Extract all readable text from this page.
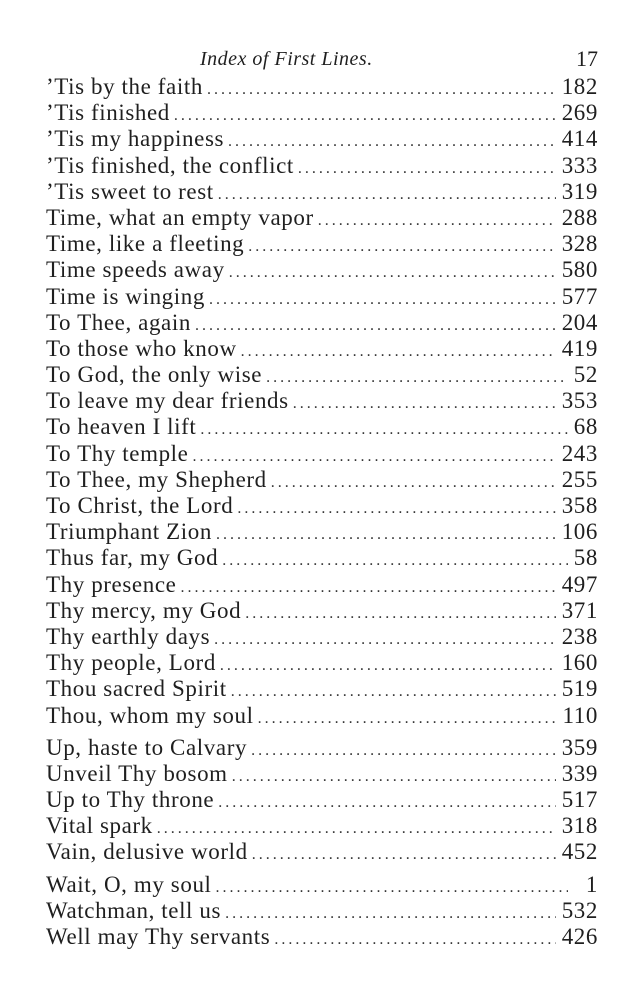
Index of First Lines.	17
’Tis by the faith . . .	182
’Tis finished . . .	269
’Tis my happiness . . .	414
’Tis finished, the conflict . . .	333
’Tis sweet to rest . . .	319
Time, what an empty vapor . . .	288
Time, like a fleeting . . .	328
Time speeds away . . .	580
Time is winging . . .	577
To Thee, again . . .	204
To those who know . . .	419
To God, the only wise . . .	52
To leave my dear friends . . .	353
To heaven I lift . . .	68
To Thy temple . . .	243
To Thee, my Shepherd . . .	255
To Christ, the Lord . . .	358
Triumphant Zion . . .	106
Thus far, my God . . .	58
Thy presence . . .	497
Thy mercy, my God . . .	371
Thy earthly days . . .	238
Thy people, Lord . . .	160
Thou sacred Spirit . . .	519
Thou, whom my soul . . .	110
Up, haste to Calvary . . .	359
Unveil Thy bosom . . .	339
Up to Thy throne . . .	517
Vital spark . . .	318
Vain, delusive world . . .	452
Wait, O, my soul . . .	1
Watchman, tell us . . .	532
Well may Thy servants . . .	426
